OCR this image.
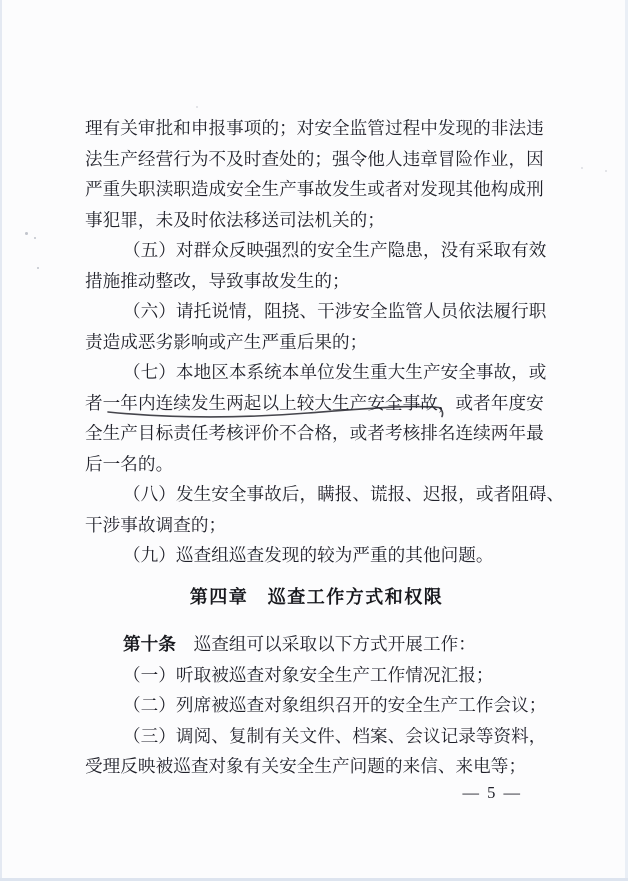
理有关审批和申报事项的；对安全监管过程中发现的非法违
法生产经营行为不及时查处的；强令他人违章冒险作业，因
严重失职渎职造成安全生产事故发生或者对发现其他构成刑
事犯罪，未及时依法移送司法机关的；
（五）对群众反映强烈的安全生产隐患，没有采取有效
措施推动整改，导致事故发生的；
（六）请托说情，阻挠、干涉安全监管人员依法履行职
责造成恶劣影响或产生严重后果的；
（七）本地区本系统本单位发生重大生产安全事故，或
者一年内连续发生两起以上较大生产安全事故，或者年度安
全生产目标责任考核评价不合格，或者考核排名连续两年最
后一名的。
（八）发生安全事故后，瞒报、谎报、迟报，或者阻碍、
干涉事故调查的；
（九）巡查组巡查发现的较为严重的其他问题。
第四章　巡查工作方式和权限
第十条　巡查组可以采取以下方式开展工作：
（一）听取被巡查对象安全生产工作情况汇报；
（二）列席被巡查对象组织召开的安全生产工作会议；
（三）调阅、复制有关文件、档案、会议记录等资料，
受理反映被巡查对象有关安全生产问题的来信、来电等；
— 5 —
